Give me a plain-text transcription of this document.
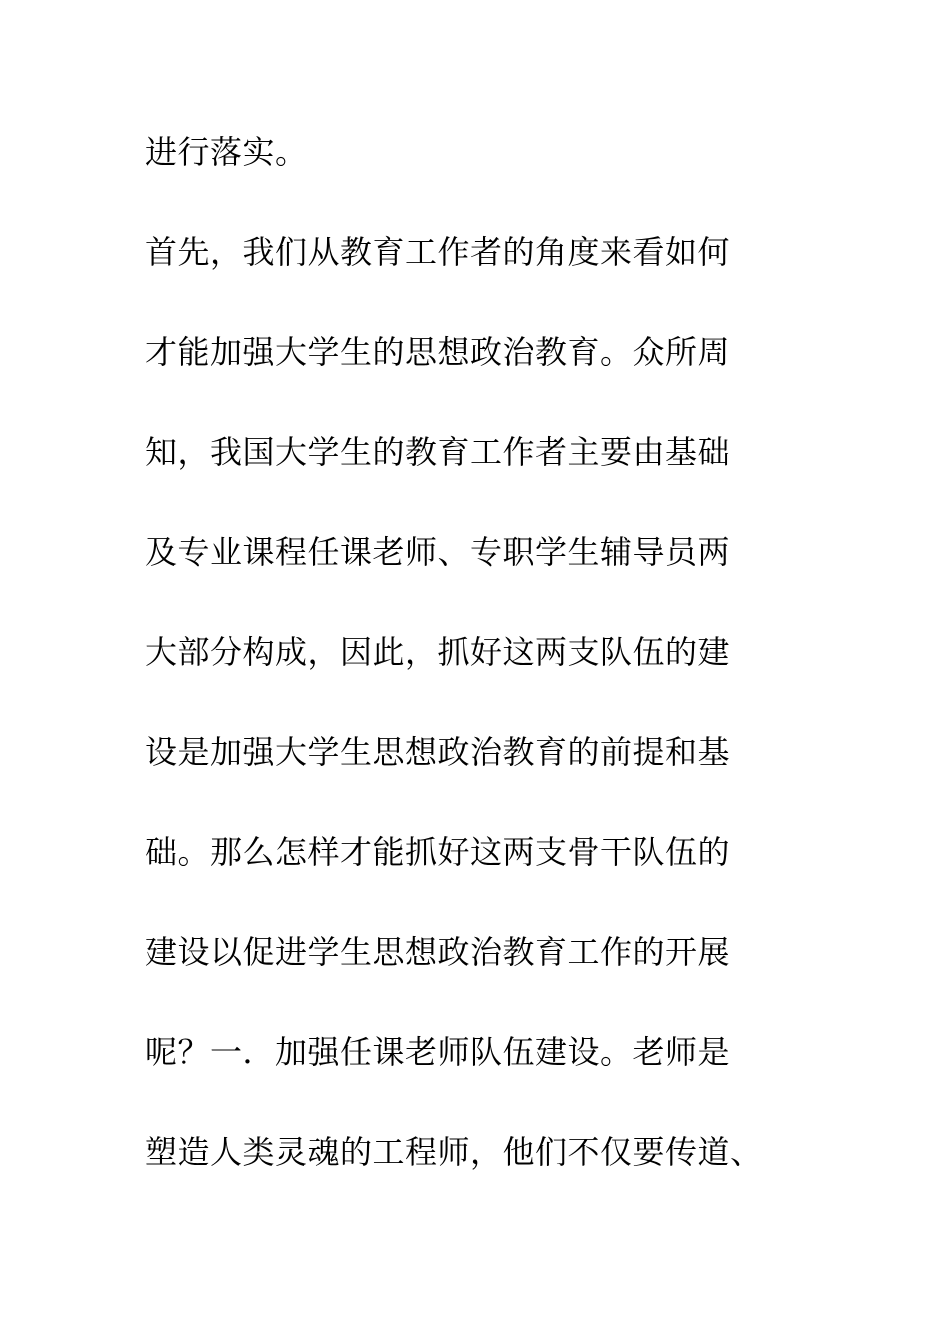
进行落实。
首先，我们从教育工作者的角度来看如何
才能加强大学生的思想政治教育。众所周
知，我国大学生的教育工作者主要由基础
及专业课程任课老师、专职学生辅导员两
大部分构成，因此，抓好这两支队伍的建
设是加强大学生思想政治教育的前提和基
础。那么怎样才能抓好这两支骨干队伍的
建设以促进学生思想政治教育工作的开展
呢？一．加强任课老师队伍建设。老师是
塑造人类灵魂的工程师，他们不仅要传道、
